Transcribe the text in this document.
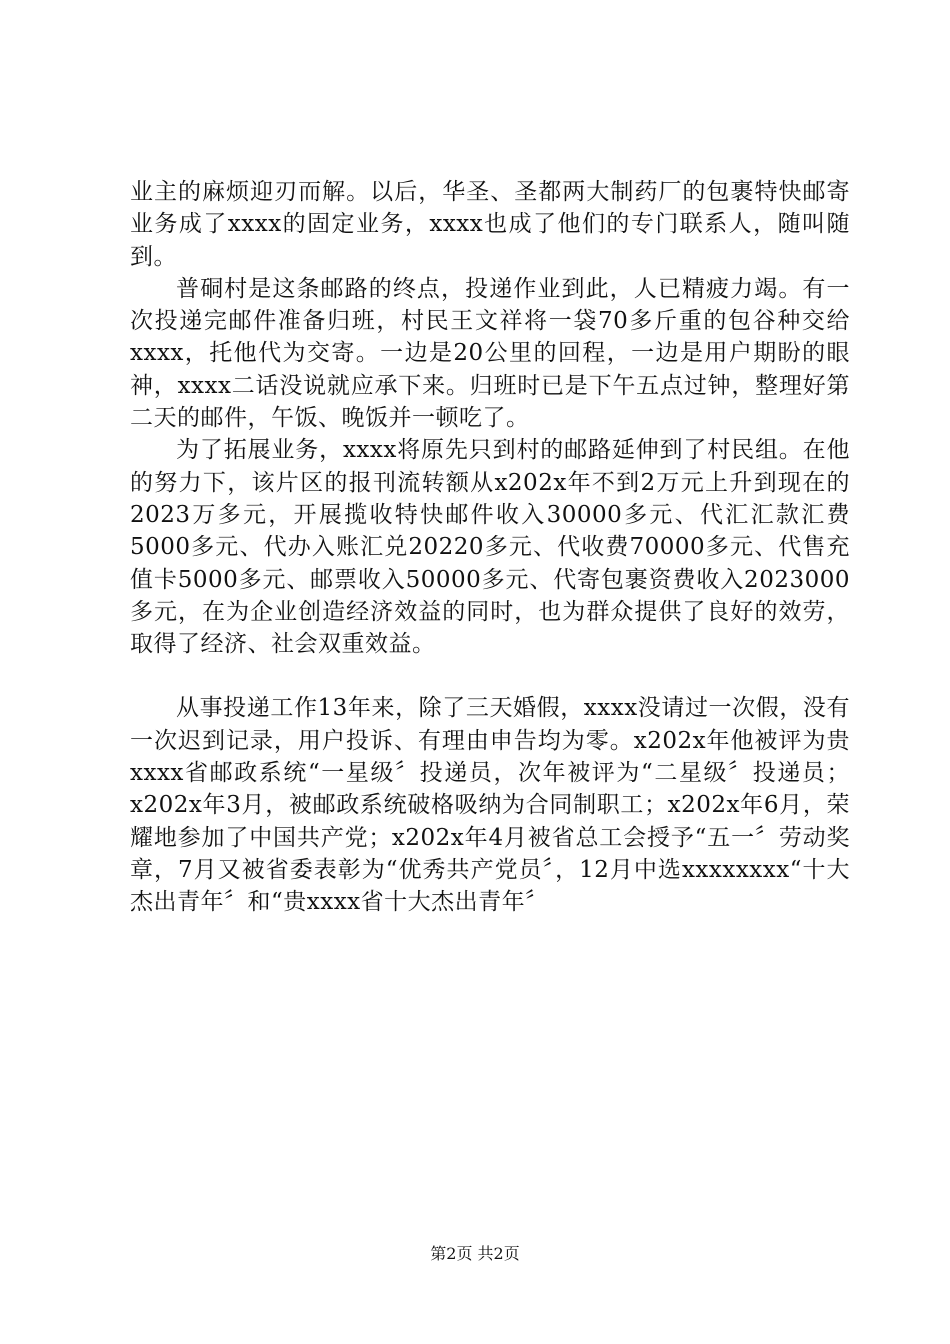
业主的麻烦迎刃而解。以后，华圣、圣都两大制药厂的包裹特快邮寄业务成了xxxx的固定业务，xxxx也成了他们的专门联系人，随叫随到。

普硐村是这条邮路的终点，投递作业到此，人已精疲力竭。有一次投递完邮件准备归班，村民王文祥将一袋70多斤重的包谷种交给xxxx，托他代为交寄。一边是20公里的回程，一边是用户期盼的眼神，xxxx二话没说就应承下来。归班时已是下午五点过钟，整理好第二天的邮件，午饭、晚饭并一顿吃了。

为了拓展业务，xxxx将原先只到村的邮路延伸到了村民组。在他的努力下，该片区的报刊流转额从x202x年不到2万元上升到现在的2023万多元，开展揽收特快邮件收入30000多元、代汇汇款汇费5000多元、代办入账汇兑20220多元、代收费70000多元、代售充值卡5000多元、邮票收入50000多元、代寄包裹资费收入2023000多元，在为企业创造经济效益的同时，也为群众提供了良好的效劳，取得了经济、社会双重效益。

从事投递工作13年来，除了三天婚假，xxxx没请过一次假，没有一次迟到记录，用户投诉、有理由申告均为零。x202x年他被评为贵xxxx省邮政系统“一星级〞投递员，次年被评为“二星级〞投递员；x202x年3月，被邮政系统破格吸纳为合同制职工；x202x年6月，荣耀地参加了中国共产党；x202x年4月被省总工会授予“五一〞劳动奖章，7月又被省委表彰为“优秀共产党员〞，12月中选xxxxxxxx“十大杰出青年〞和“贵xxxx省十大杰出青年〞

第2页 共2页
